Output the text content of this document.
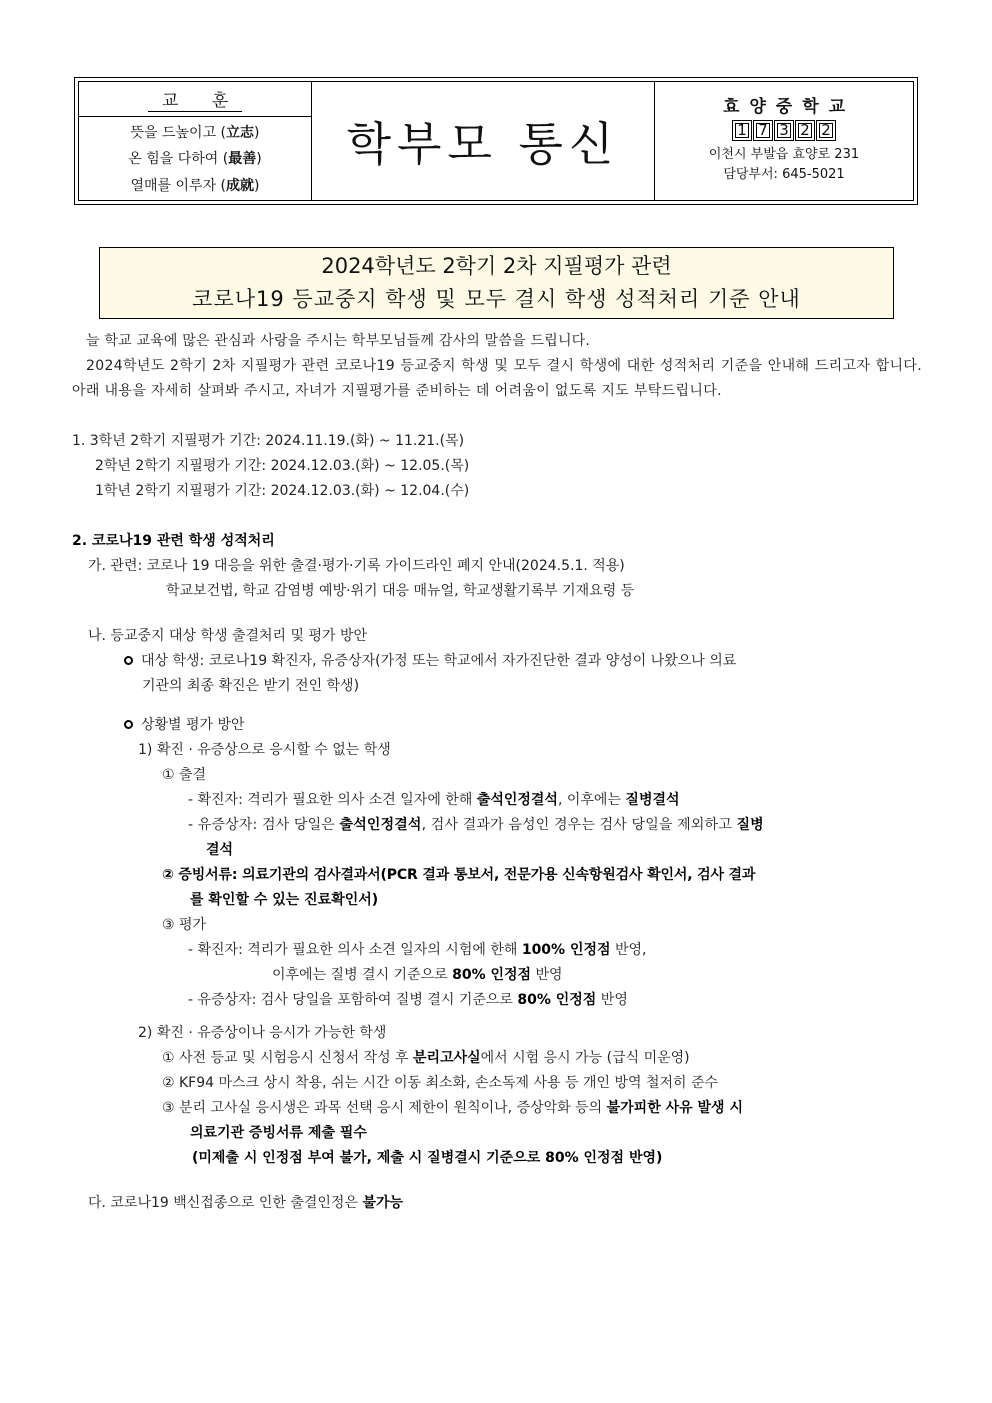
교 훈
뜻을 드높이고 (立志)
온 힘을 다하여 (最善)
열매를 이루자 (成就)
학부모 통신
효양중학교
1 7 3 2 2
이천시 부발읍 효양로 231
담당부서: 645-5021
2024학년도 2학기 2차 지필평가 관련
코로나19 등교중지 학생 및 모두 결시 학생 성적처리 기준 안내
늘 학교 교육에 많은 관심과 사랑을 주시는 학부모님들께 감사의 말씀을 드립니다.
2024학년도 2학기 2차 지필평가 관련 코로나19 등교중지 학생 및 모두 결시 학생에 대한 성적처리 기준을 안내해 드리고자 합니다. 아래 내용을 자세히 살펴봐 주시고, 자녀가 지필평가를 준비하는 데 어려움이 없도록 지도 부탁드립니다.
1. 3학년 2학기 지필평가 기간: 2024.11.19.(화) ~ 11.21.(목)
2학년 2학기 지필평가 기간: 2024.12.03.(화) ~ 12.05.(목)
1학년 2학기 지필평가 기간: 2024.12.03.(화) ~ 12.04.(수)
2. 코로나19 관련 학생 성적처리
가. 관련: 코로나 19 대응을 위한 출결·평가·기록 가이드라인 폐지 안내(2024.5.1. 적용)
학교보건법, 학교 감염병 예방·위기 대응 매뉴얼, 학교생활기록부 기재요령 등
나. 등교중지 대상 학생 출결처리 및 평가 방안
대상 학생: 코로나19 확진자, 유증상자(가정 또는 학교에서 자가진단한 결과 양성이 나왔으나 의료
기관의 최종 확진은 받기 전인 학생)
상황별 평가 방안
1) 확진 · 유증상으로 응시할 수 없는 학생
① 출결
- 확진자: 격리가 필요한 의사 소견 일자에 한해 출석인정결석, 이후에는 질병결석
- 유증상자: 검사 당일은 출석인정결석, 검사 결과가 음성인 경우는 검사 당일을 제외하고 질병
결석
② 증빙서류: 의료기관의 검사결과서(PCR 결과 통보서, 전문가용 신속항원검사 확인서, 검사 결과
를 확인할 수 있는 진료확인서)
③ 평가
- 확진자: 격리가 필요한 의사 소견 일자의 시험에 한해 100% 인정점 반영,
이후에는 질병 결시 기준으로 80% 인정점 반영
- 유증상자: 검사 당일을 포함하여 질병 결시 기준으로 80% 인정점 반영
2) 확진 · 유증상이나 응시가 가능한 학생
① 사전 등교 및 시험응시 신청서 작성 후 분리고사실에서 시험 응시 가능 (급식 미운영)
② KF94 마스크 상시 착용, 쉬는 시간 이동 최소화, 손소독제 사용 등 개인 방역 철저히 준수
③ 분리 고사실 응시생은 과목 선택 응시 제한이 원칙이나, 증상악화 등의 불가피한 사유 발생 시
의료기관 증빙서류 제출 필수
(미제출 시 인정점 부여 불가, 제출 시 질병결시 기준으로 80% 인정점 반영)
다. 코로나19 백신접종으로 인한 출결인정은 불가능
